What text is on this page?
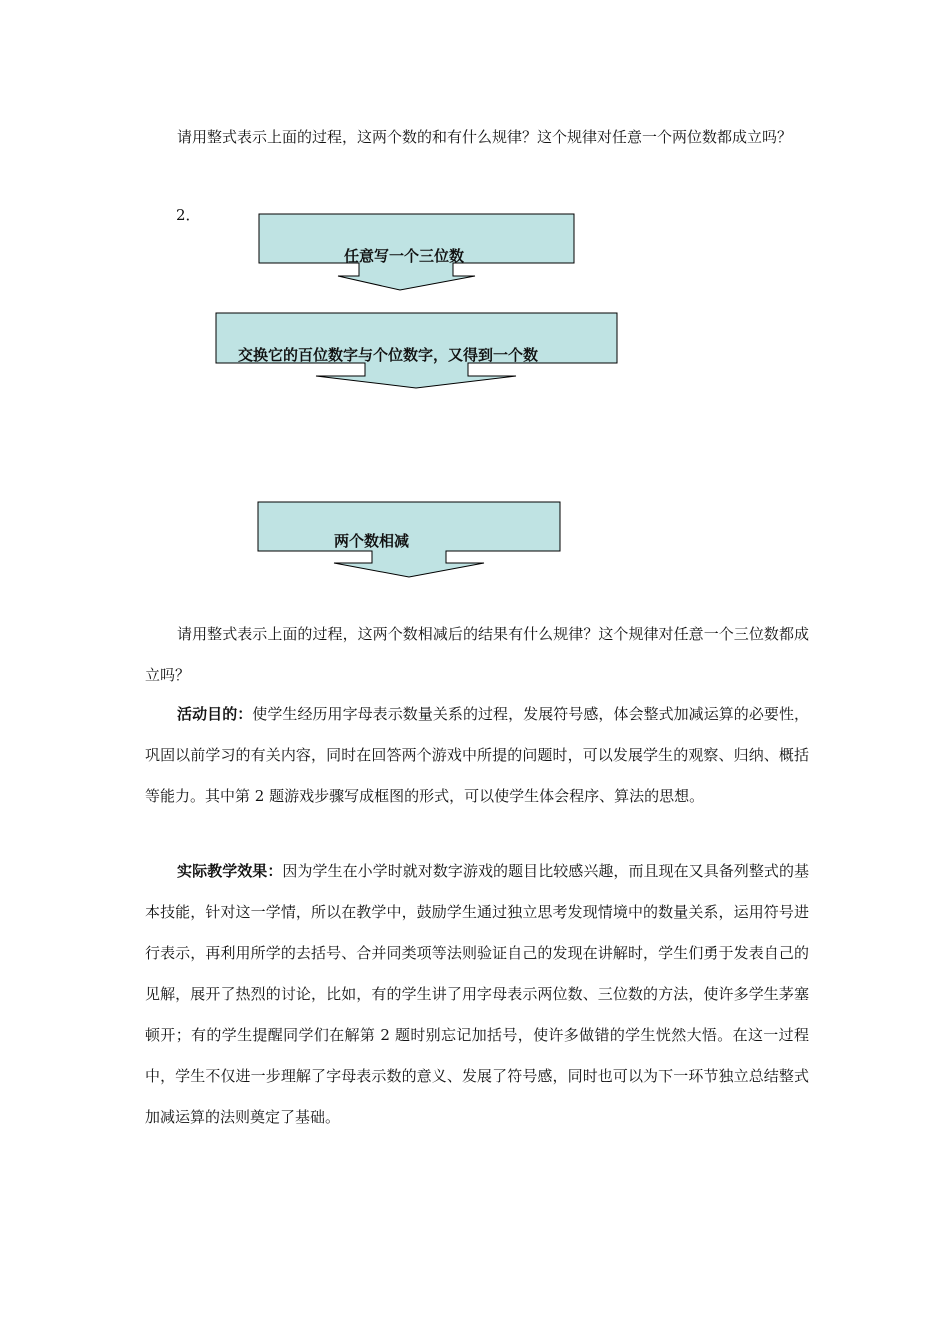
请用整式表示上面的过程，这两个数的和有什么规律？这个规律对任意一个两位数都成立吗？

2．
任意写一个三位数
交换它的百位数字与个位数字，又得到一个数
两个数相减

请用整式表示上面的过程，这两个数相减后的结果有什么规律？这个规律对任意一个三位数都成立吗？

活动目的：使学生经历用字母表示数量关系的过程，发展符号感，体会整式加减运算的必要性，巩固以前学习的有关内容，同时在回答两个游戏中所提的问题时，可以发展学生的观察、归纳、概括等能力。其中第 2 题游戏步骤写成框图的形式，可以使学生体会程序、算法的思想。

实际教学效果：因为学生在小学时就对数字游戏的题目比较感兴趣，而且现在又具备列整式的基本技能，针对这一学情，所以在教学中，鼓励学生通过独立思考发现情境中的数量关系，运用符号进行表示，再利用所学的去括号、合并同类项等法则验证自己的发现在讲解时，学生们勇于发表自己的见解，展开了热烈的讨论，比如，有的学生讲了用字母表示两位数、三位数的方法，使许多学生茅塞顿开；有的学生提醒同学们在解第 2 题时别忘记加括号，使许多做错的学生恍然大悟。在这一过程中，学生不仅进一步理解了字母表示数的意义、发展了符号感，同时也可以为下一环节独立总结整式加减运算的法则奠定了基础。
